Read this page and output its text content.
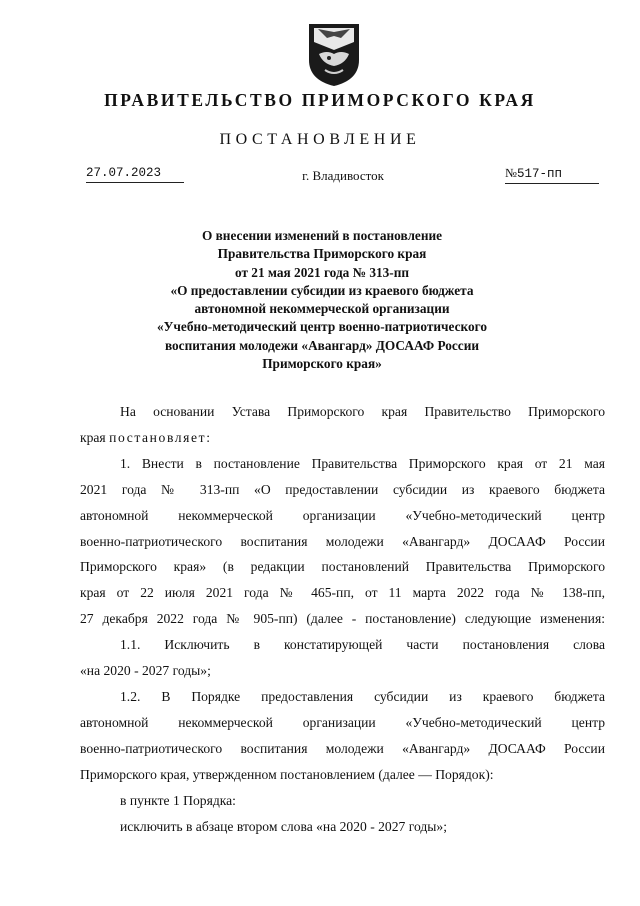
ПРАВИТЕЛЬСТВО ПРИМОРСКОГО КРАЯ
ПОСТАНОВЛЕНИЕ
27.07.2023	г. Владивосток	№517-пп
О внесении изменений в постановление
Правительства Приморского края
от 21 мая 2021 года № 313-пп
«О предоставлении субсидии из краевого бюджета
автономной некоммерческой организации
«Учебно-методический центр военно-патриотического
воспитания молодежи «Авангард» ДОСААФ России
Приморского края»
На основании Устава Приморского края Правительство Приморского
края постановляет:
1. Внести в постановление Правительства Приморского края от 21 мая
2021 года № 313-пп «О предоставлении субсидии из краевого бюджета
автономной некоммерческой организации «Учебно-методический центр
военно-патриотического воспитания молодежи «Авангард» ДОСААФ России
Приморского края» (в редакции постановлений Правительства Приморского
края от 22 июля 2021 года № 465-пп, от 11 марта 2022 года № 138-пп,
27 декабря 2022 года № 905-пп) (далее - постановление) следующие изменения:
1.1. Исключить в констатирующей части постановления слова
«на 2020 - 2027 годы»;
1.2. В Порядке предоставления субсидии из краевого бюджета
автономной некоммерческой организации «Учебно-методический центр
военно-патриотического воспитания молодежи «Авангард» ДОСААФ России
Приморского края, утвержденном постановлением (далее — Порядок):
в пункте 1 Порядка:
исключить в абзаце втором слова «на 2020 - 2027 годы»;
